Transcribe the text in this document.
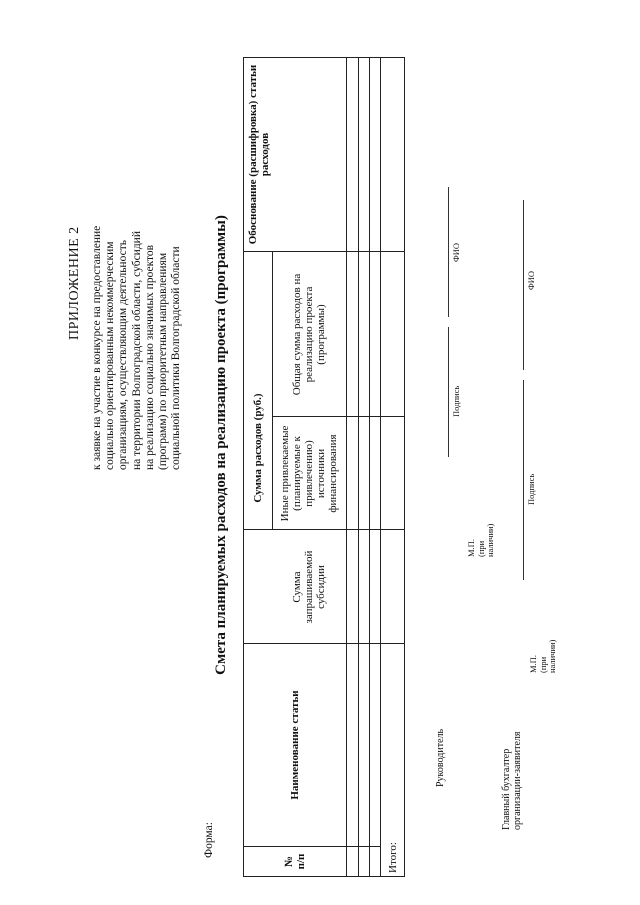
ПРИЛОЖЕНИЕ 2 к заявке на участие в конкурсе на предоставление социально ориентированным некоммерческим организациям, осуществляющим деятельность на территории Волгоградской области, субсидий на реализацию социально значимых проектов (программ) по приоритетным направлениям социальной политики Волгоградской области
Форма:
Смета планируемых расходов на реализацию проекта (программы)
№ п/п
Наименование статьи
Сумма расходов (руб.)
Сумма запрашиваемой субсидии
Иные привлекаемые (планируемые к привлечению) источники финансирования
Общая сумма расходов на реализацию проекта (программы)
Обоснование (расшифровка) статьи расходов
Итого:
Руководитель
М.П. (при наличии)
Подпись
ФИО
Главный бухгалтер организации-заявителя
М.П. (при наличии)
Подпись
ФИО
